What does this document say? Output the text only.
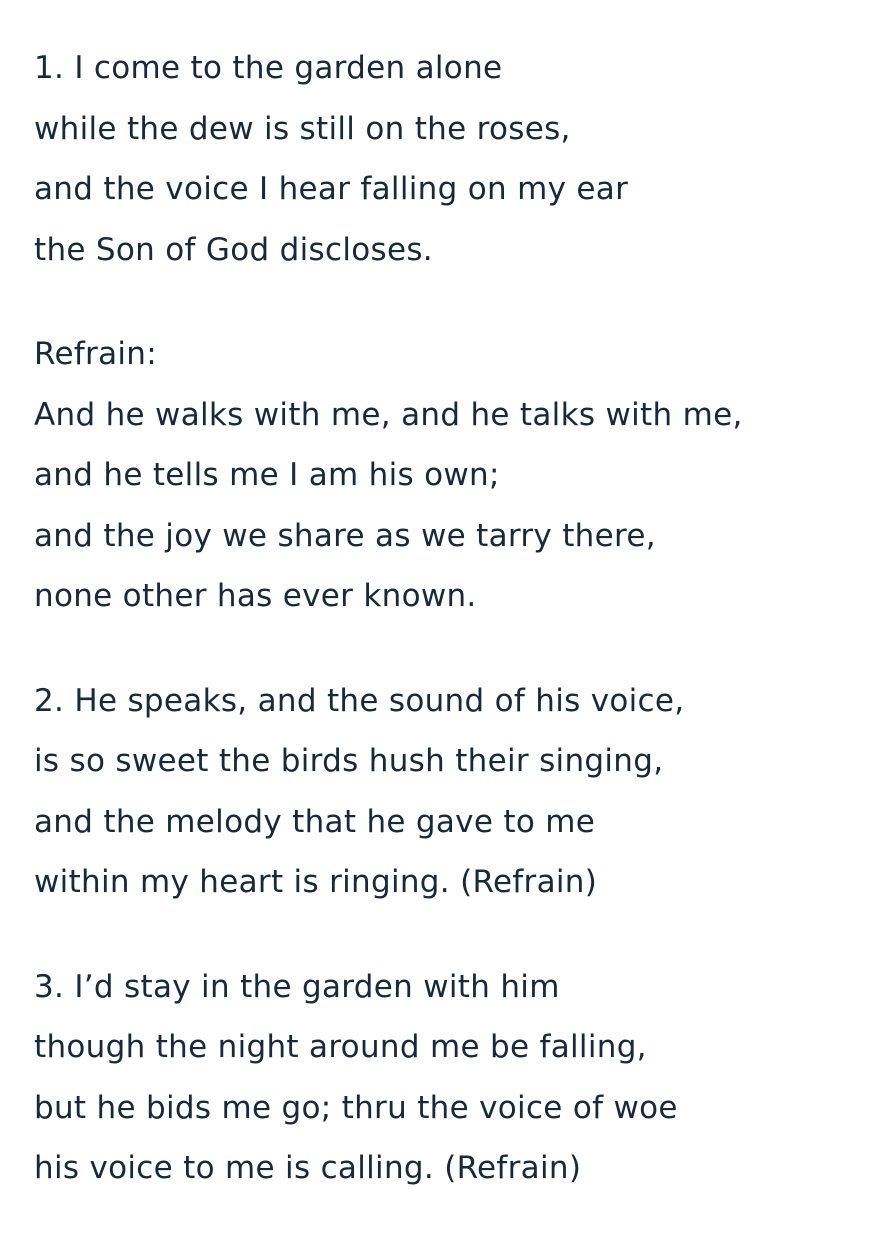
1. I come to the garden alone
while the dew is still on the roses,
and the voice I hear falling on my ear
the Son of God discloses.
Refrain:
And he walks with me, and he talks with me,
and he tells me I am his own;
and the joy we share as we tarry there,
none other has ever known.
2. He speaks, and the sound of his voice,
is so sweet the birds hush their singing,
and the melody that he gave to me
within my heart is ringing. (Refrain)
3. I’d stay in the garden with him
though the night around me be falling,
but he bids me go; thru the voice of woe
his voice to me is calling. (Refrain)
